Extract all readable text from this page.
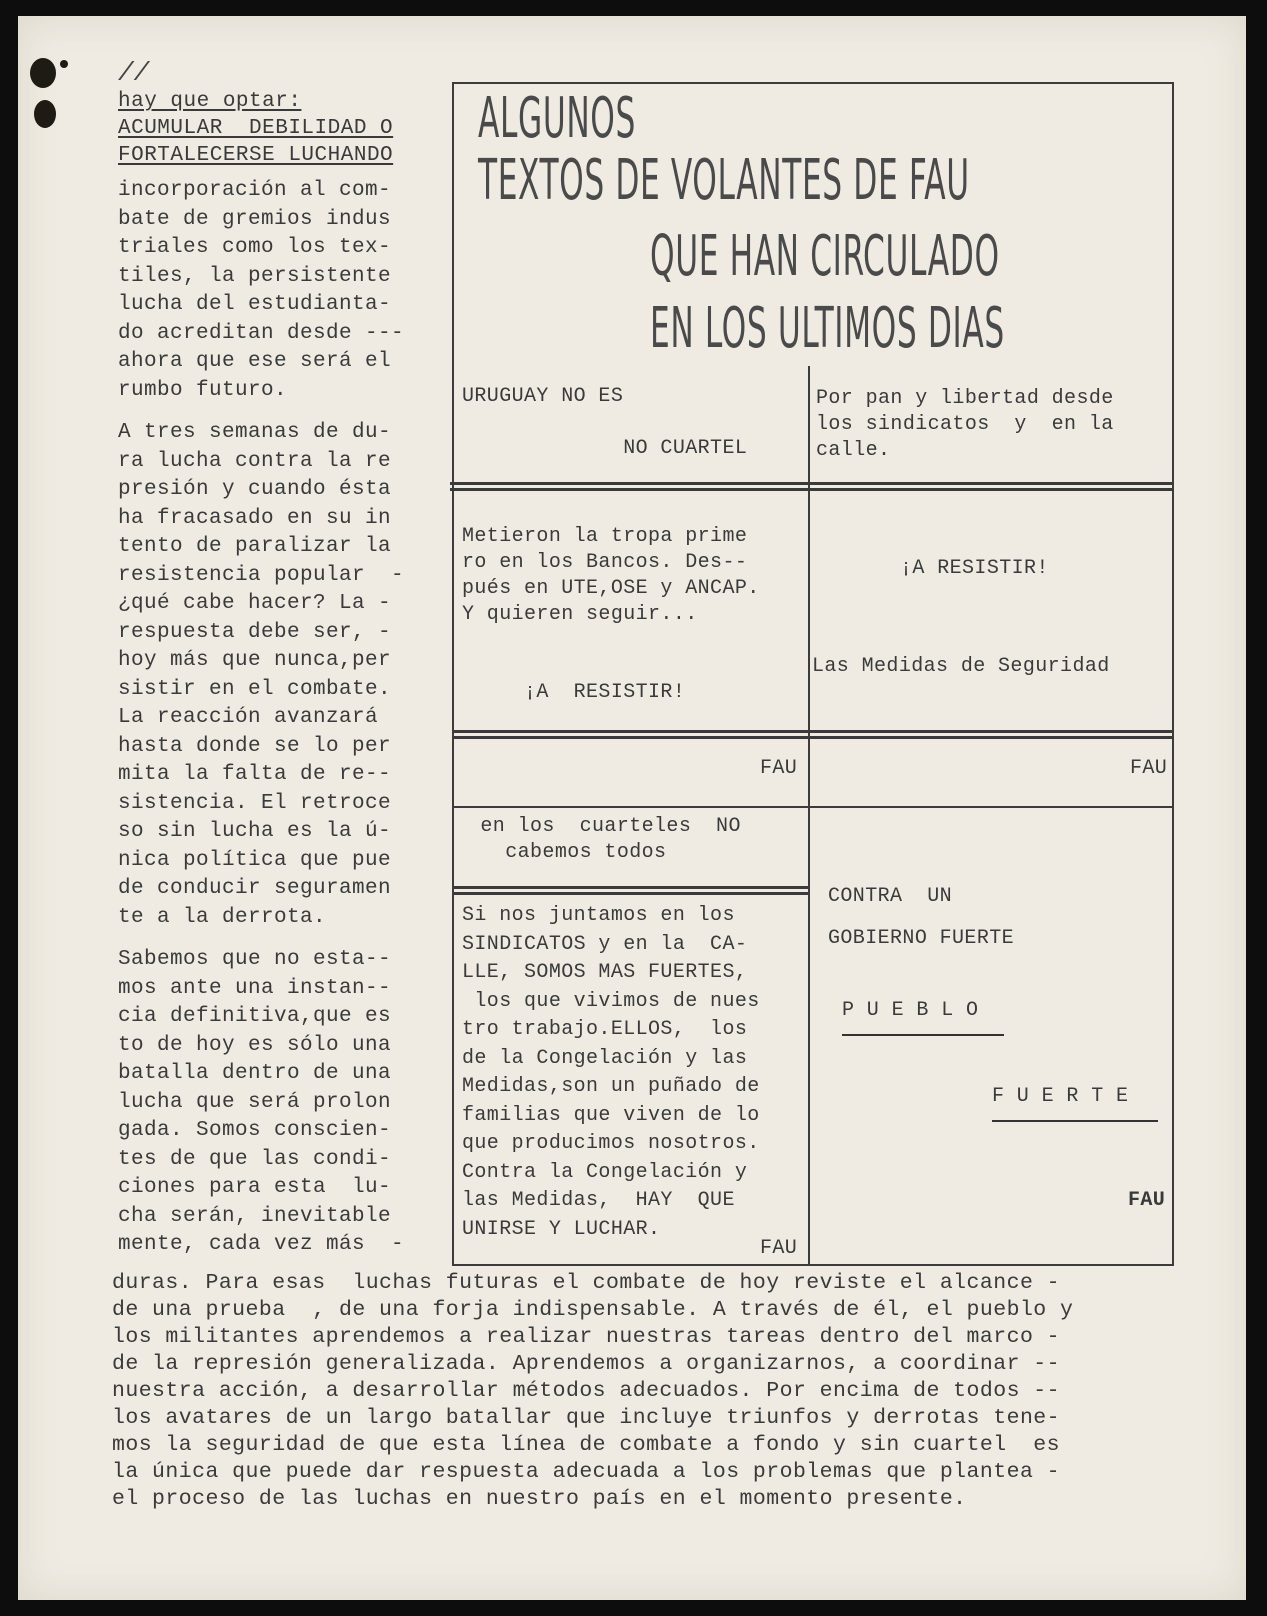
//
hay que optar:
ACUMULAR  DEBILIDAD O
FORTALECERSE LUCHANDO
incorporación al com-
bate de gremios indus
triales como los tex-
tiles, la persistente
lucha del estudianta-
do acreditan desde ---
ahora que ese será el
rumbo futuro.
A tres semanas de du-
ra lucha contra la re
presión y cuando ésta
ha fracasado en su in
tento de paralizar la
resistencia popular  -
¿qué cabe hacer? La -
respuesta debe ser, -
hoy más que nunca,per
sistir en el combate.
La reacción avanzará
hasta donde se lo per
mita la falta de re--
sistencia. El retroce
so sin lucha es la ú-
nica política que pue
de conducir seguramen
te a la derrota.
Sabemos que no esta--
mos ante una instan--
cia definitiva,que es
to de hoy es sólo una
batalla dentro de una
lucha que será prolon
gada. Somos conscien-
tes de que las condi-
ciones para esta  lu-
cha serán, inevitable
mente, cada vez más  -
ALGUNOS
TEXTOS DE VOLANTES DE FAU
QUE HAN CIRCULADO
EN LOS ULTIMOS DIAS
URUGUAY NO ES

NO CUARTEL
Por pan y libertad desde
los sindicatos  y  en la
calle.
Metieron la tropa prime
ro en los Bancos. Des--
pués en UTE,OSE y ANCAP.
Y quieren seguir...

¡A  RESISTIR!
¡A RESISTIR!
Las Medidas de Seguridad
FAU	FAU
en los  cuarteles  NO
cabemos todos
Si nos juntamos en los
SINDICATOS y en la  CA-
LLE, SOMOS MAS FUERTES,
los que vivimos de nues
tro trabajo.ELLOS,  los
de la Congelación y las
Medidas,son un puñado de
familias que viven de lo
que producimos nosotros.
Contra la Congelación y
las Medidas,  HAY  QUE
UNIRSE Y LUCHAR.
FAU
CONTRA  UN
GOBIERNO FUERTE
P U E B L O
F U E R T E
FAU
duras. Para esas  luchas futuras el combate de hoy reviste el alcance -
de una prueba  , de una forja indispensable. A través de él, el pueblo y
los militantes aprendemos a realizar nuestras tareas dentro del marco -
de la represión generalizada. Aprendemos a organizarnos, a coordinar --
nuestra acción, a desarrollar métodos adecuados. Por encima de todos --
los avatares de un largo batallar que incluye triunfos y derrotas tene-
mos la seguridad de que esta línea de combate a fondo y sin cuartel  es
la única que puede dar respuesta adecuada a los problemas que plantea -
el proceso de las luchas en nuestro país en el momento presente.
